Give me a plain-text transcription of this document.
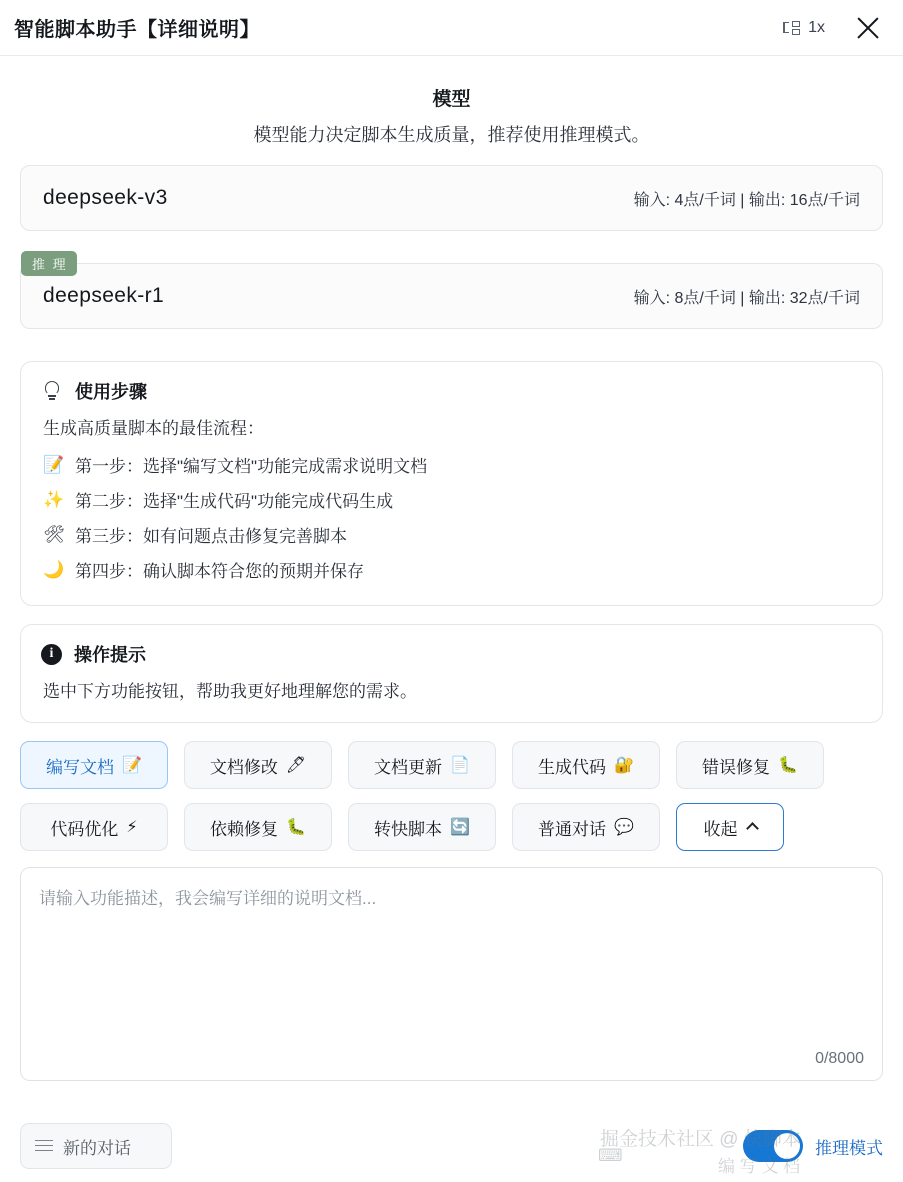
智能脚本助手【详细说明】	1x
模型
模型能力决定脚本生成质量，推荐使用推理模式。
deepseek-v3	输入: 4点/千词 | 输出: 16点/千词
推 理
deepseek-r1	输入: 8点/千词 | 输出: 32点/千词
使用步骤
生成高质量脚本的最佳流程：
📝 第一步：选择"编写文档"功能完成需求说明文档
✨ 第二步：选择"生成代码"功能完成代码生成
🛠 第三步：如有问题点击修复完善脚本
🌙 第四步：确认脚本符合您的预期并保存
i	操作提示
选中下方功能按钮，帮助我更好地理解您的需求。
编写文档 📝	文档修改 🖊	文档更新 📄	生成代码 🔐	错误修复 🐛
代码优化 ⚡	依赖修复 🐛	转快脚本 🔄	普通对话 💬	收起
请输入功能描述，我会编写详细的说明文档...
0/8000
新的对话	推理模式
掘金技术社区 @ 快脚本
编 写 文 档
⌨
